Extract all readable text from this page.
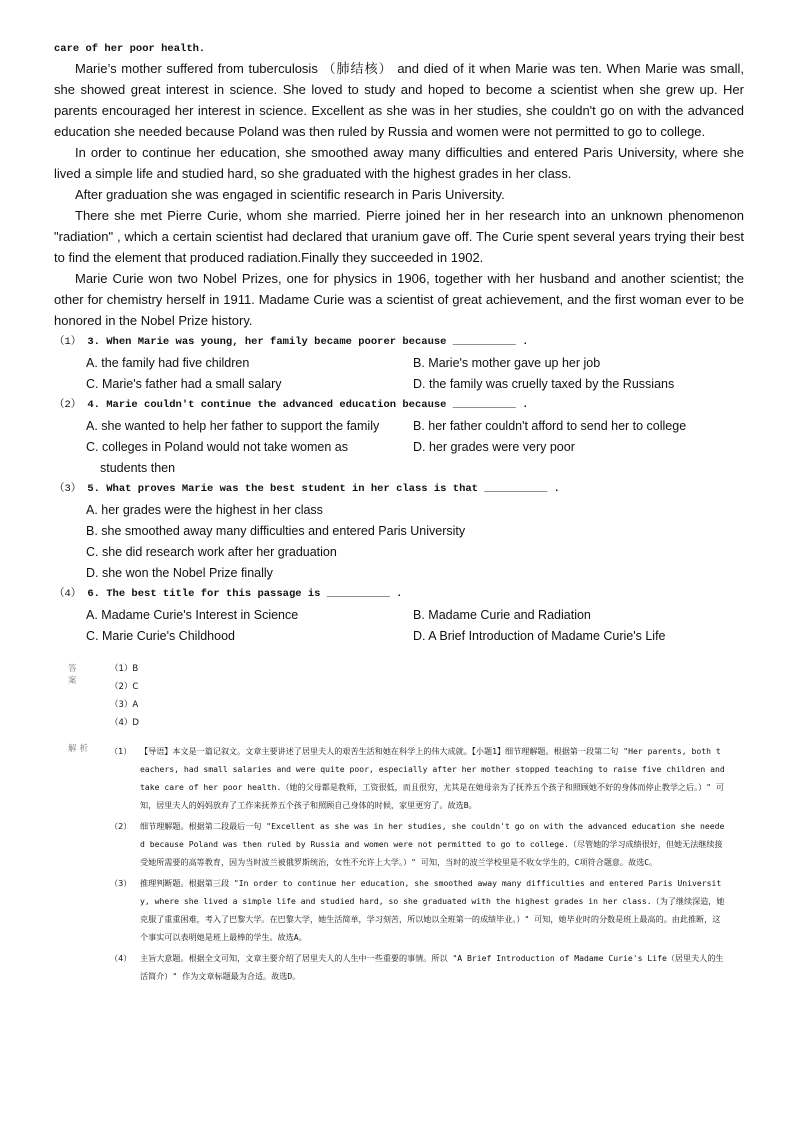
care of her poor health.

Marie’s mother suffered from tuberculosis （肺结核） and died of it when Marie was ten. When Marie was small, she showed great interest in science. She loved to study and hoped to become a scientist when she grew up. Her parents encouraged her interest in science. Excellent as she was in her studies, she couldn't go on with the advanced education she needed because Poland was then ruled by Russia and women were not permitted to go to college.

In order to continue her education, she smoothed away many difficulties and entered Paris University, where she lived a simple life and studied hard, so she graduated with the highest grades in her class.

After graduation she was engaged in scientific research in Paris University.

There she met Pierre Curie, whom she married. Pierre joined her in her research into an unknown phenomenon "radiation" , which a certain scientist had declared that uranium gave off. The Curie spent several years trying their best to find the element that produced radiation.Finally they succeeded in 1902.

Marie Curie won two Nobel Prizes, one for physics in 1906, together with her husband and another scientist; the other for chemistry herself in 1911. Madame Curie was a scientist of great achievement, and the first woman ever to be honored in the Nobel Prize history.

（1） 3. When Marie was young, her family became poorer because __________ .
A. the family had five children	B. Marie's mother gave up her job
C. Marie's father had a small salary	D. the family was cruelly taxed by the Russians
（2） 4. Marie couldn't continue the advanced education because __________ .
A. she wanted to help her father to support the family	B. her father couldn't afford to send her to college
C. colleges in Poland would not take women as students then
D. her grades were very poor
（3） 5. What proves Marie was the best student in her class is that __________ .
A. her grades were the highest in her class
B. she smoothed away many difficulties and entered Paris University
C. she did research work after her graduation
D. she won the Nobel Prize finally
（4） 6. The best title for this passage is __________ .
A. Madame Curie's Interest in Science	B. Madame Curie and Radiation
C. Marie Curie's Childhood	D. A Brief Introduction of Madame Curie's Life
答案
（1）B
（2）C
（3）A
（4）D
解析 （1）	【导语】本文是一篇记叙文。文章主要讲述了居里夫人的艰苦生活和她在科学上的伟大成就。【小题1】细节理解题。根据第一段第二句 "Her parents, both teachers, had small salaries and were quite poor, especially after her mother stopped teaching to raise five children and take care of her poor health.（她的父母都是教师，工资很低，而且很穷，尤其是在她母亲为了抚养五个孩子和照顾她不好的身体而停止教学之后。）" 可知，居里夫人的妈妈放弃了工作来抚养五个孩子和照顾自己身体的时候，家里更穷了。故选B。
（2）	细节理解题。根据第二段最后一句 "Excellent as she was in her studies, she couldn't go on with the advanced education she needed because Poland was then ruled by Russia and women were not permitted to go to college.（尽管她的学习成绩很好，但她无法继续接受她所需要的高等教育，因为当时波兰被俄罗斯统治，女性不允许上大学。）" 可知，当时的波兰学校里是不收女学生的，C项符合题意。故选C。
（3）	推理判断题。根据第三段 "In order to continue her education, she smoothed away many difficulties and entered Paris University, where she lived a simple life and studied hard, so she graduated with the highest grades in her class.（为了继续深造，她克服了重重困难，考入了巴黎大学。在巴黎大学，她生活简单，学习刻苦，所以她以全班第一的成绩毕业。）" 可知，她毕业时的分数是班上最高的。由此推断，这个事实可以表明她是班上最棒的学生。故选A。
（4）	主旨大意题。根据全文可知，文章主要介绍了居里夫人的人生中一些重要的事情。所以 "A Brief Introduction of Madame Curie's Life（居里夫人的生活简介）" 作为文章标题最为合适。故选D。
